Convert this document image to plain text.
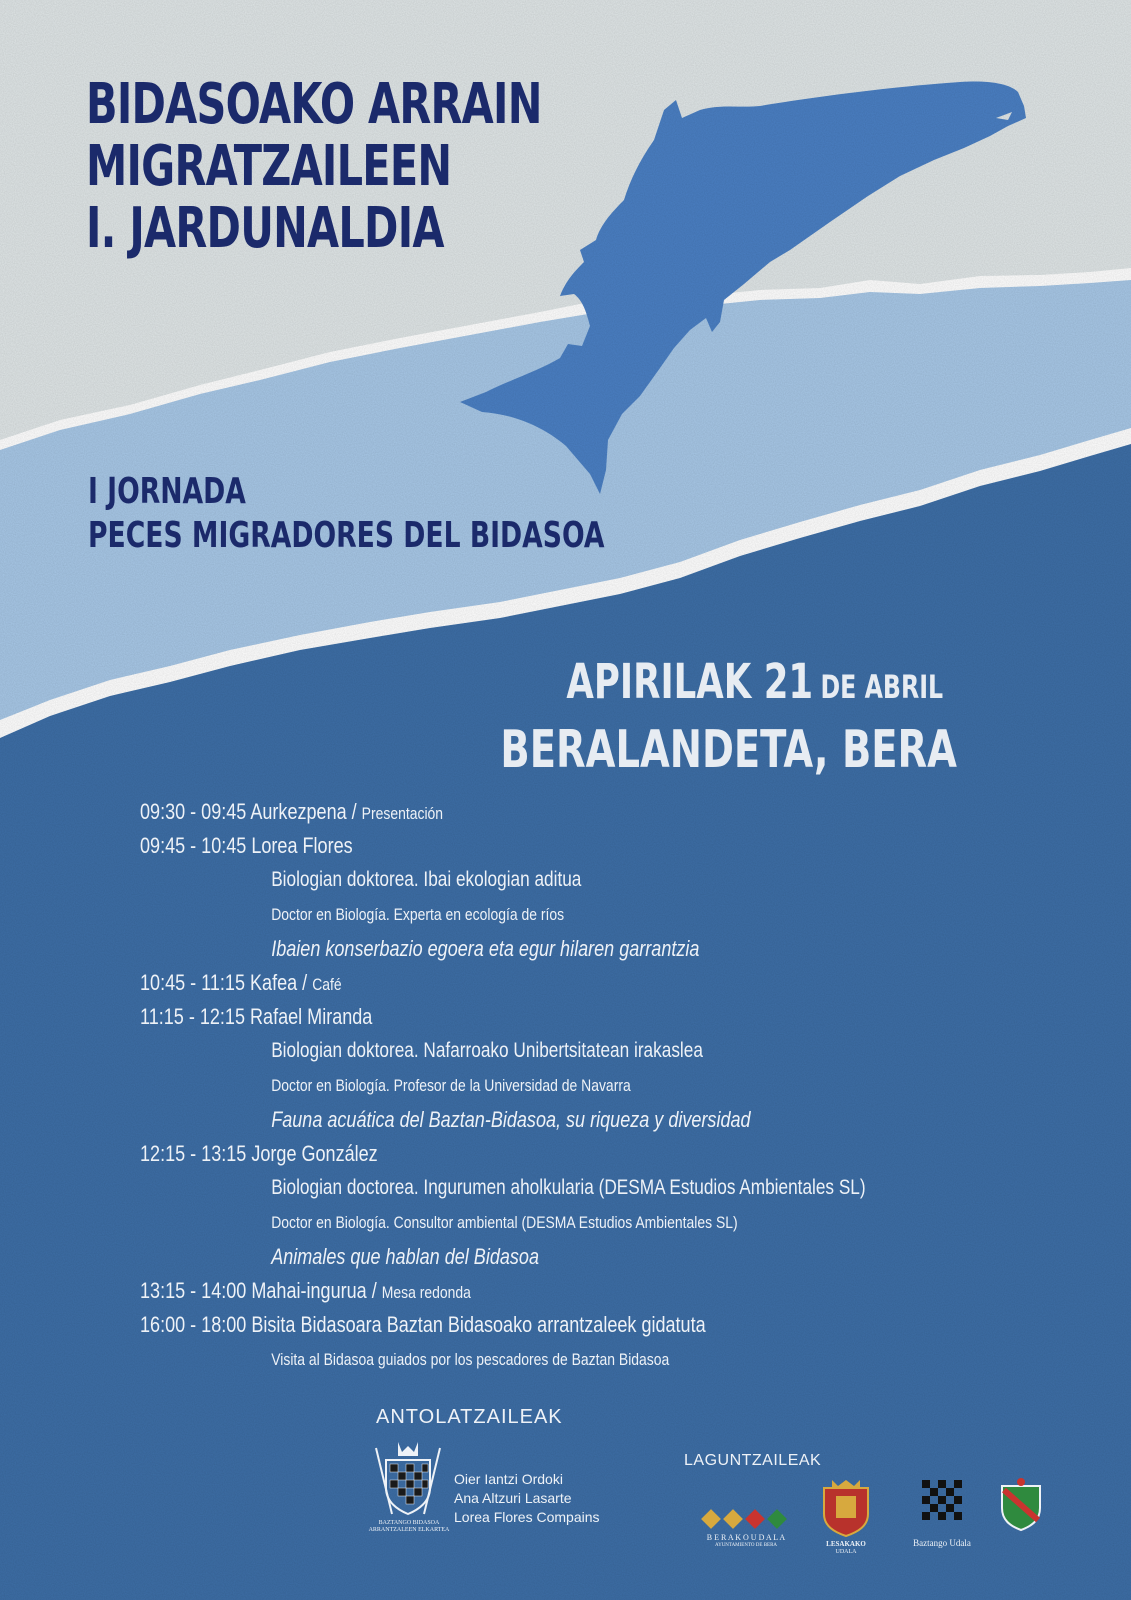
BIDASOAKO ARRAIN
MIGRATZAILEEN
I. JARDUNALDIA
I JORNADA
PECES MIGRADORES DEL BIDASOA
APIRILAK 21 DE ABRIL
BERALANDETA, BERA
09:30 - 09:45 Aurkezpena / Presentación
09:45 - 10:45 Lorea Flores
Biologian doktorea. Ibai ekologian aditua
Doctor en Biología. Experta en ecología de ríos
Ibaien konserbazio egoera eta egur hilaren garrantzia
10:45 - 11:15 Kafea / Café
11:15 - 12:15 Rafael Miranda
Biologian doktorea. Nafarroako Unibertsitatean irakaslea
Doctor en Biología. Profesor de la Universidad de Navarra
Fauna acuática del Baztan-Bidasoa, su riqueza y diversidad
12:15 - 13:15 Jorge González
Biologian doctorea. Ingurumen aholkularia (DESMA Estudios Ambientales SL)
Doctor en Biología. Consultor ambiental (DESMA Estudios Ambientales SL)
Animales que hablan del Bidasoa
13:15 - 14:00 Mahai-ingurua / Mesa redonda
16:00 - 18:00 Bisita Bidasoara Baztan Bidasoako arrantzaleek gidatuta
Visita al Bidasoa guiados por los pescadores de Baztan Bidasoa
ANTOLATZAILEAK
BAZTANGO BIDASOA ARRANTZALEEN ELKARTEA
Oier Iantzi Ordoki
Ana Altzuri Lasarte
Lorea Flores Compains
LAGUNTZAILEAK
B E R A K O U D A L A
AYUNTAMIENTO DE BERA	LESAKAKO
UDALA
Baztango Udala
